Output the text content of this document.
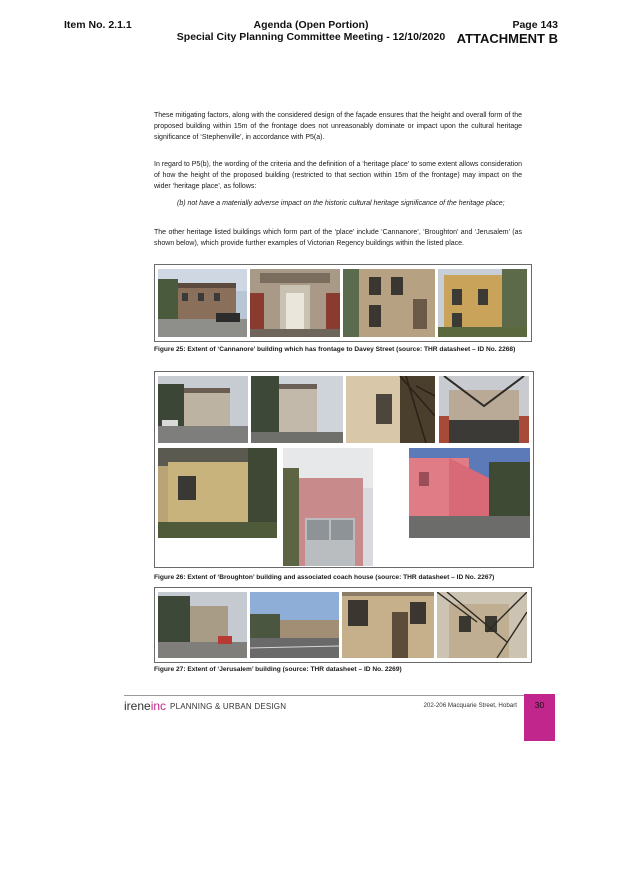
Item No. 2.1.1	Agenda (Open Portion)
Special City Planning Committee Meeting - 12/10/2020
Page 143
ATTACHMENT B
These mitigating factors, along with the considered design of the façade ensures that the height and overall form of the proposed building within 15m of the frontage does not unreasonably dominate or impact upon the cultural heritage significance of ‘Stephenville’, in accordance with P5(a).
In regard to P5(b), the wording of the criteria and the definition of a ‘heritage place’ to some extent allows consideration of how the height of the proposed building (restricted to that section within 15m of the frontage) may impact on the wider ‘heritage place’, as follows:
(b) not have a materially adverse impact on the historic cultural heritage significance of the heritage place;
The other heritage listed buildings which form part of the ‘place’ include ‘Cannanore’, ‘Broughton’ and ‘Jerusalem’ (as shown below), which provide further examples of Victorian Regency buildings within the listed place.
Figure 25: Extent of ‘Cannanore’ building which has frontage to Davey Street (source: THR datasheet – ID No. 2268)
Figure 26: Extent of ‘Broughton’ building and associated coach house (source: THR datasheet – ID No. 2267)
Figure 27: Extent of ‘Jerusalem’ building (source: THR datasheet – ID No. 2269)
ireneinc PLANNING & URBAN DESIGN	202-206 Macquarie Street, Hobart	30
